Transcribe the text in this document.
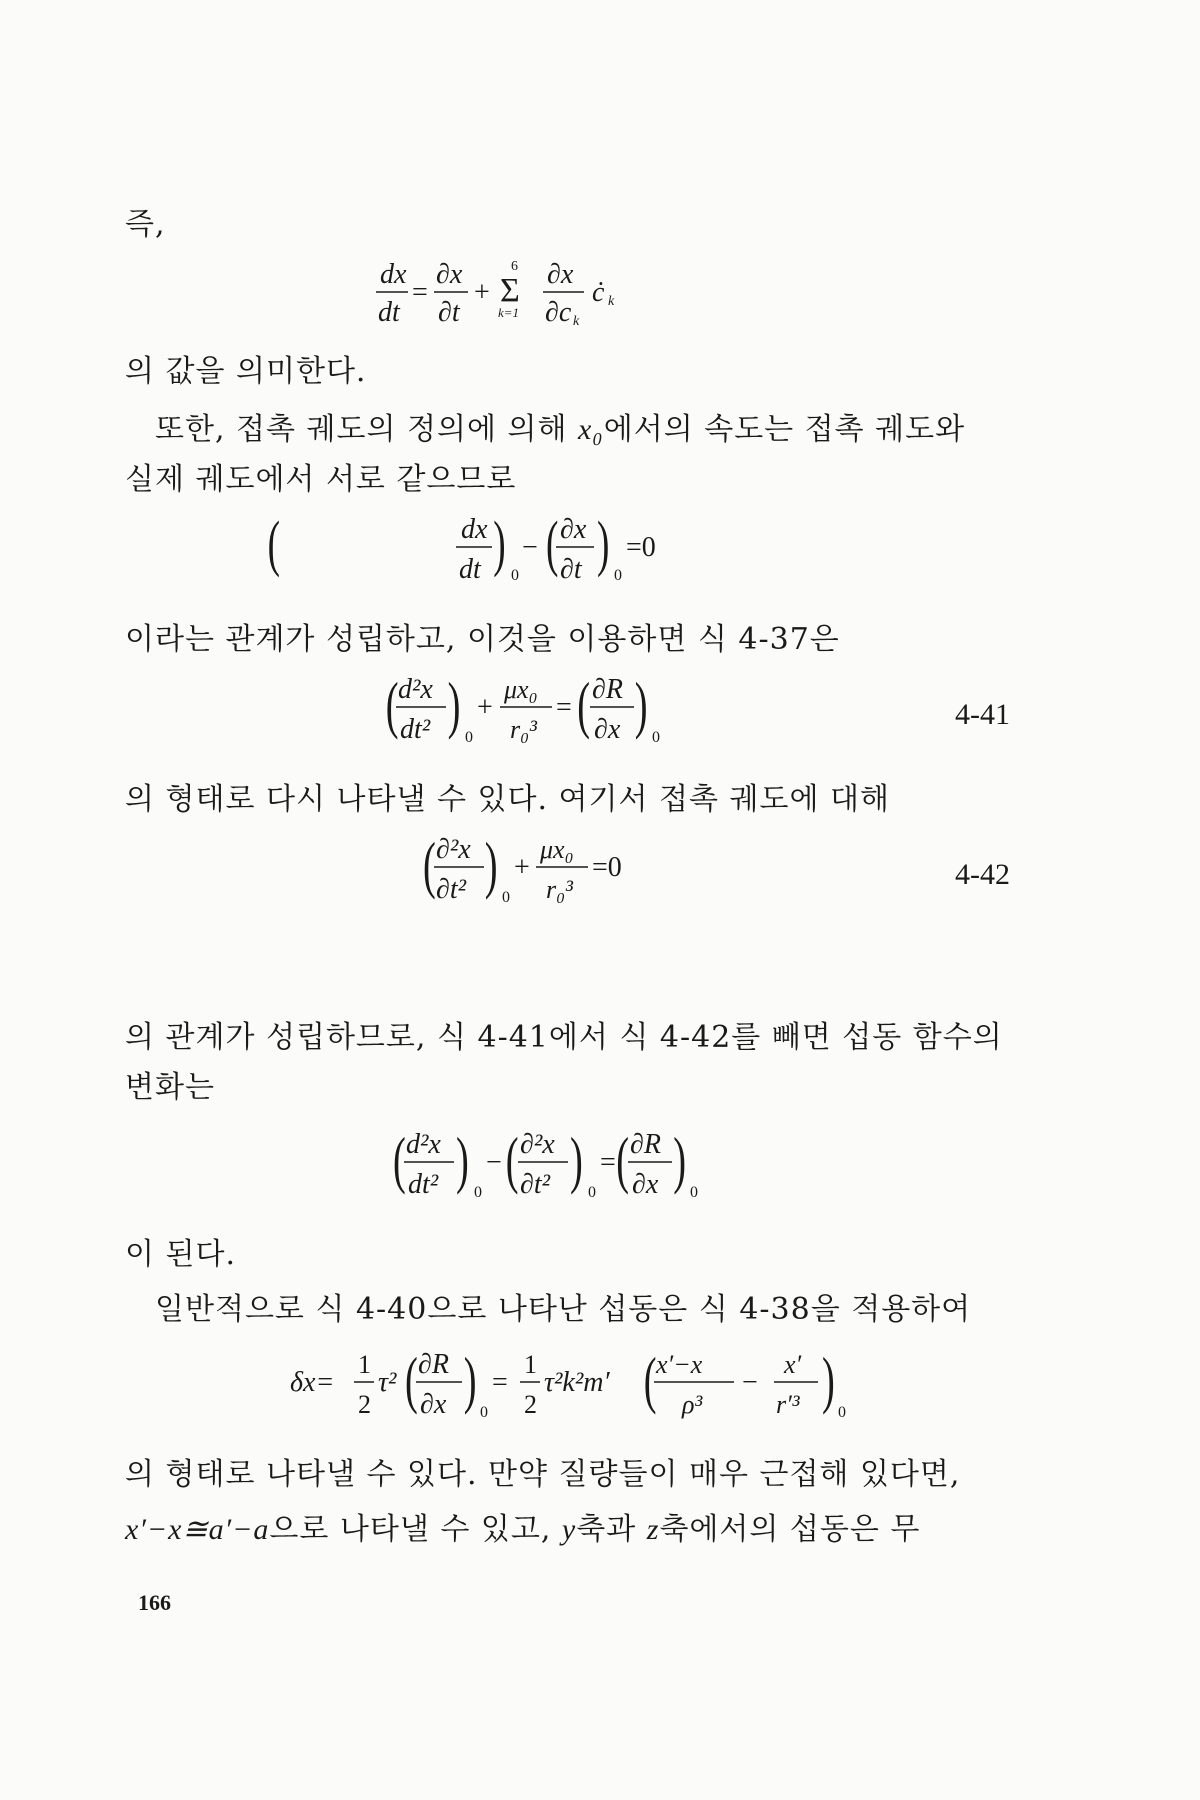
즉,

dx
dt
=
∂x
∂t
+
6
Σ
k=1
∂x
∂c k
ċ k

의 값을 의미한다.

또한, 접촉 궤도의 정의에 의해 x₀에서의 속도는 접촉 궤도와

실제 궤도에서 서로 같으므로

(	dx
dt ) 0
− ( ∂x
∂t ) 0
=0

이라는 관계가 성립하고, 이것을 이용하면 식 4-37은

( d²x
dt² ) 0
+
μx₀
r₀³
= ( ∂R
∂x ) 0
4-41

의 형태로 다시 나타낼 수 있다. 여기서 접촉 궤도에 대해

( ∂²x
∂t² ) 0
+
μx₀
r₀³
=0	4-42

의 관계가 성립하므로, 식 4-41에서 식 4-42를 빼면 섭동 함수의

변화는

( d²x
dt² ) 0
− ( ∂²x
∂t² ) 0
= ( ∂R
∂x ) 0

이 된다.

일반적으로 식 4-40으로 나타난 섭동은 식 4-38을 적용하여

δx=
1
2
τ² ( ∂R
∂x ) 0
=
1
2
τ²k²m′ ( x′−x
ρ³
−
x′
r′³ ) 0

의 형태로 나타낼 수 있다. 만약 질량들이 매우 근접해 있다면,

x′−x≅a′−a으로 나타낼 수 있고, y축과 z축에서의 섭동은 무

166
